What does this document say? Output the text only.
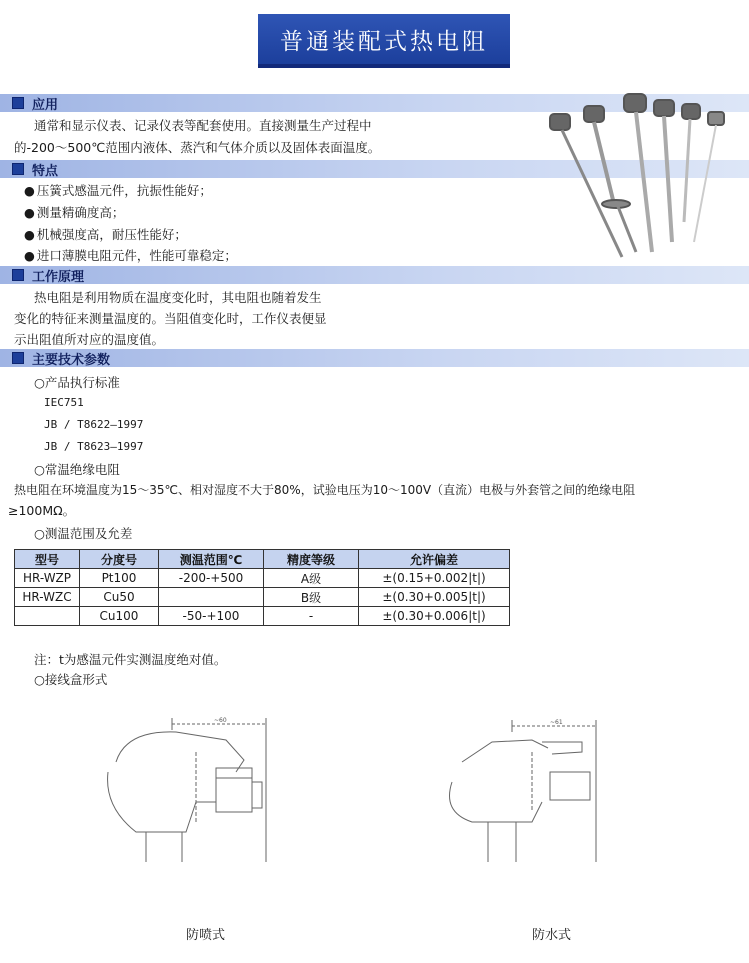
普通装配式热电阻
应用
通常和显示仪表、记录仪表等配套使用。直接测量生产过程中
的-200～500℃范围内液体、蒸汽和气体介质以及固体表面温度。
特点
● 压簧式感温元件，抗振性能好；
● 测量精确度高；
● 机械强度高，耐压性能好；
● 进口薄膜电阻元件，性能可靠稳定；
工作原理
热电阻是利用物质在温度变化时，其电阻也随着发生
变化的特征来测量温度的。当阻值变化时，工作仪表便显
示出阻值所对应的温度值。
主要技术参数
○产品执行标准
IEC751
JB / T8622—1997
JB / T8623—1997
○常温绝缘电阻
热电阻在环境温度为15～35℃、相对湿度不大于80%，试验电压为10～100V（直流）电极与外套管之间的绝缘电阻
≥100MΩ。
○测温范围及允差
型号	分度号	测温范围℃	精度等级	允许偏差
HR-WZP	Pt100	-200-+500	A级	±(0.15+0.002|t|)
HR-WZC	Cu50		B级	±(0.30+0.005|t|)
	Cu100	-50-+100	-	±(0.30+0.006|t|)
注：t为感温元件实测温度绝对值。
○接线盒形式
~60	~61
防喷式	防水式
